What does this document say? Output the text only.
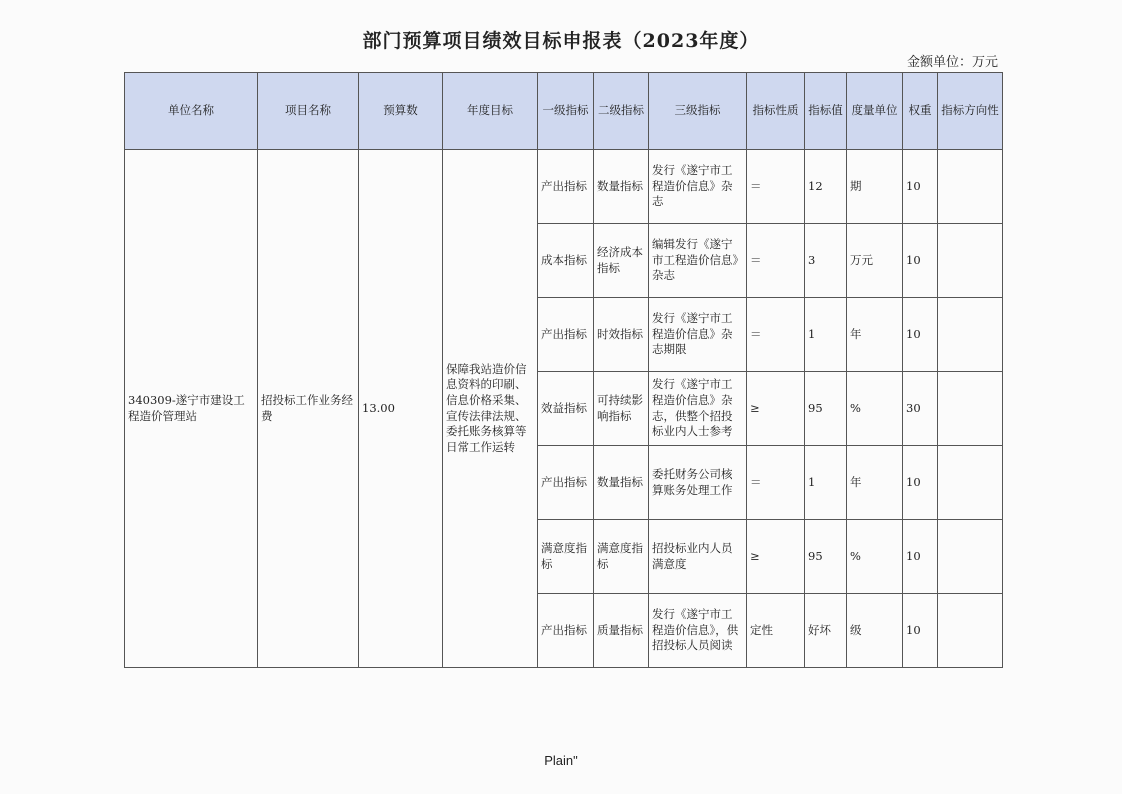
部门预算项目绩效目标申报表（2023年度）
金额单位：万元
单位名称	项目名称	预算数	年度目标	一级指标	二级指标	三级指标	指标性质	指标值	度量单位	权重	指标方向性
340309-遂宁市建设工程造价管理站	招投标工作业务经费	13.00	保障我站造价信息资料的印刷、信息价格采集、宣传法律法规、委托账务核算等日常工作运转	产出指标	数量指标	发行《遂宁市工程造价信息》杂志	＝	12	期	10	
				成本指标	经济成本指标	编辑发行《遂宁市工程造价信息》杂志	＝	3	万元	10	
				产出指标	时效指标	发行《遂宁市工程造价信息》杂志期限	＝	1	年	10	
				效益指标	可持续影响指标	发行《遂宁市工程造价信息》杂志，供整个招投标业内人士参考	≥	95	%	30	
				产出指标	数量指标	委托财务公司核算账务处理工作	＝	1	年	10	
				满意度指标	满意度指标	招投标业内人员满意度	≥	95	%	10	
				产出指标	质量指标	发行《遂宁市工程造价信息》，供招投标人员阅读	定性	好坏	级	10	
Plain"
